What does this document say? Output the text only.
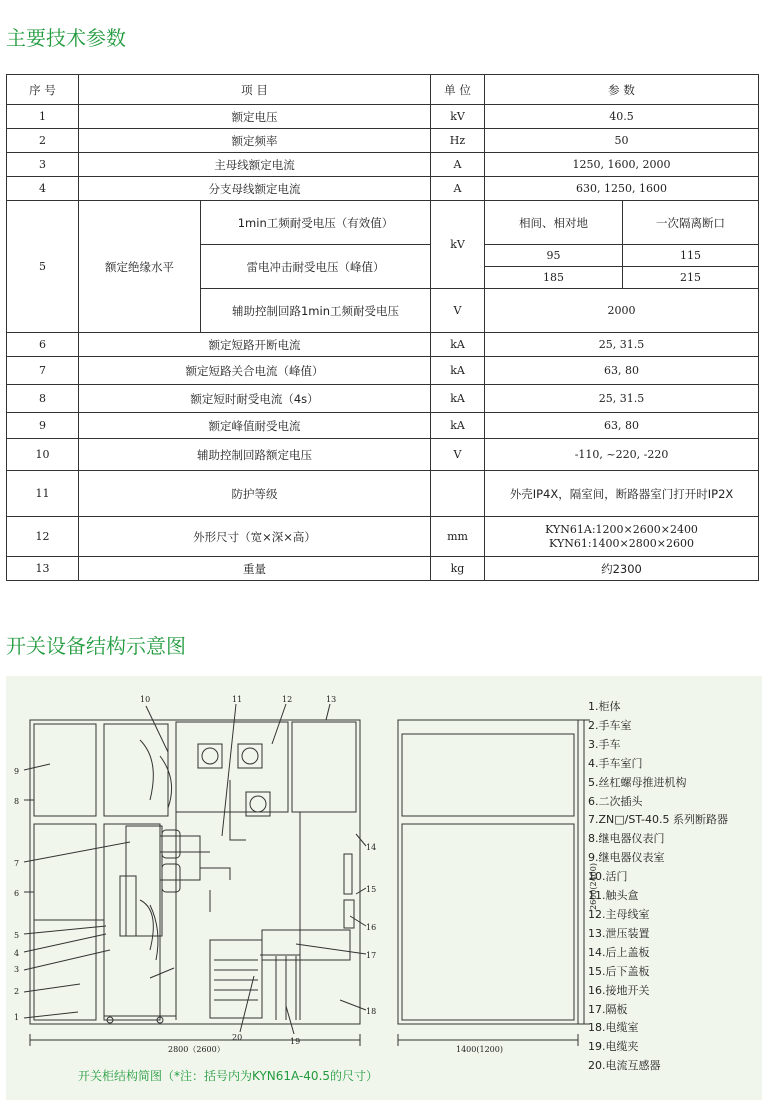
主要技术参数
序 号	项 目		单 位	参 数	
1	额定电压		kV	40.5	
2	额定频率		Hz	50	
3	主母线额定电流		A	1250, 1600, 2000	
4	分支母线额定电流		A	630, 1250, 1600	
5	额定绝缘水平	1min工频耐受电压（有效值）	kV	相间、相对地	一次隔离断口
		雷电冲击耐受电压（峰值）		95	115
				185	215
		辅助控制回路1min工频耐受电压	V	2000	
6	额定短路开断电流		kA	25, 31.5	
7	额定短路关合电流（峰值）		kA	63, 80	
8	额定短时耐受电流（4s）		kA	25, 31.5	
9	额定峰值耐受电流		kA	63, 80	
10	辅助控制回路额定电压		V	-110, ~220, -220	
11	防护等级			外壳IP4X，隔室间，断路器室门打开时IP2X	
12	外形尺寸（宽×深×高）		mm	KYN61A:1200×2600×2400
KYN61:1400×2800×2600	

13	重量		kg	约2300	
开关设备结构示意图
1
2
3
4
5
6
7
8
9
10	11	12	13
14
15
16
17
18
19
20
2800（2600）	1400(1200)
2600(2400)
1.柜体
2.手车室
3.手车
4.手车室门
5.丝杠螺母推进机构
6.二次插头
7.ZN□/ST-40.5 系列断路器
8.继电器仪表门
9.继电器仪表室
10.活门
11.触头盒
12.主母线室
13.泄压装置
14.后上盖板
15.后下盖板
16.接地开关
17.隔板
18.电缆室
19.电缆夹
20.电流互感器
开关柜结构简图（*注：括号内为KYN61A-40.5的尺寸）
